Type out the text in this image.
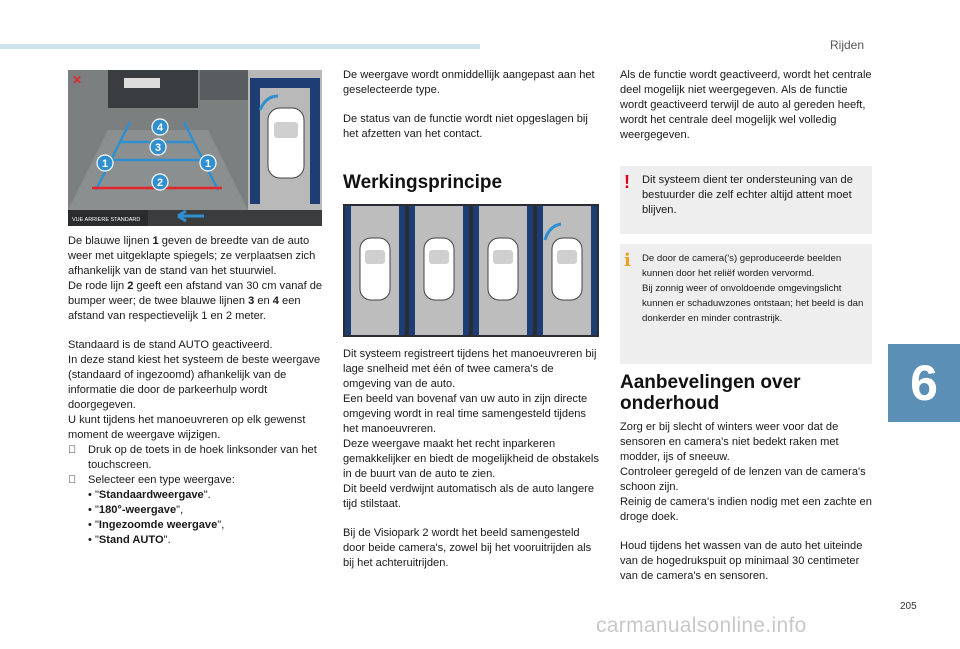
Rijden
6
✕
4
3
1	1
2
VUE ARRIERE STANDARD

De blauwe lijnen 1 geven de breedte van de auto weer met uitgeklapte spiegels; ze verplaatsen zich afhankelijk van de stand van het stuurwiel.
De rode lijn 2 geeft een afstand van 30 cm vanaf de bumper weer; de twee blauwe lijnen 3 en 4 een afstand van respectievelijk 1 en 2 meter.

Standaard is de stand AUTO geactiveerd.
In deze stand kiest het systeem de beste weergave (standaard of ingezoomd) afhankelijk van de informatie die door de parkeerhulp wordt doorgegeven.
U kunt tijdens het manoeuvreren op elk gewenst moment de weergave wijzigen.

Druk op de toets in de hoek linksonder van het touchscreen.
Selecteer een type weergave:
• "Standaardweergave".
• "180°-weergave",
• "Ingezoomde weergave",
• "Stand AUTO".

De weergave wordt onmiddellijk aangepast aan het geselecteerde type.

De status van de functie wordt niet opgeslagen bij het afzetten van het contact.

Werkingsprincipe

Dit systeem registreert tijdens het manoeuvreren bij lage snelheid met één of twee camera's de omgeving van de auto.
Een beeld van bovenaf van uw auto in zijn directe omgeving wordt in real time samengesteld tijdens het manoeuvreren.
Deze weergave maakt het recht inparkeren gemakkelijker en biedt de mogelijkheid de obstakels in de buurt van de auto te zien.
Dit beeld verdwijnt automatisch als de auto langere tijd stilstaat.

Bij de Visiopark 2 wordt het beeld samengesteld door beide camera's, zowel bij het vooruitrijden als bij het achteruitrijden.

Als de functie wordt geactiveerd, wordt het centrale deel mogelijk niet weergegeven. Als de functie wordt geactiveerd terwijl de auto al gereden heeft, wordt het centrale deel mogelijk wel volledig weergegeven.

! Dit systeem dient ter ondersteuning van de bestuurder die zelf echter altijd attent moet blijven.
i De door de camera('s) geproduceerde beelden kunnen door het reliëf worden vervormd.
Bij zonnig weer of onvoldoende omgevingslicht kunnen er schaduwzones ontstaan; het beeld is dan donkerder en minder contrastrijk.
Aanbevelingen over onderhoud

Zorg er bij slecht of winters weer voor dat de sensoren en camera's niet bedekt raken met modder, ijs of sneeuw.
Controleer geregeld of de lenzen van de camera's schoon zijn.
Reinig de camera's indien nodig met een zachte en droge doek.

Houd tijdens het wassen van de auto het uiteinde van de hogedrukspuit op minimaal 30 centimeter van de camera's en sensoren.

205
carmanualsonline.info
